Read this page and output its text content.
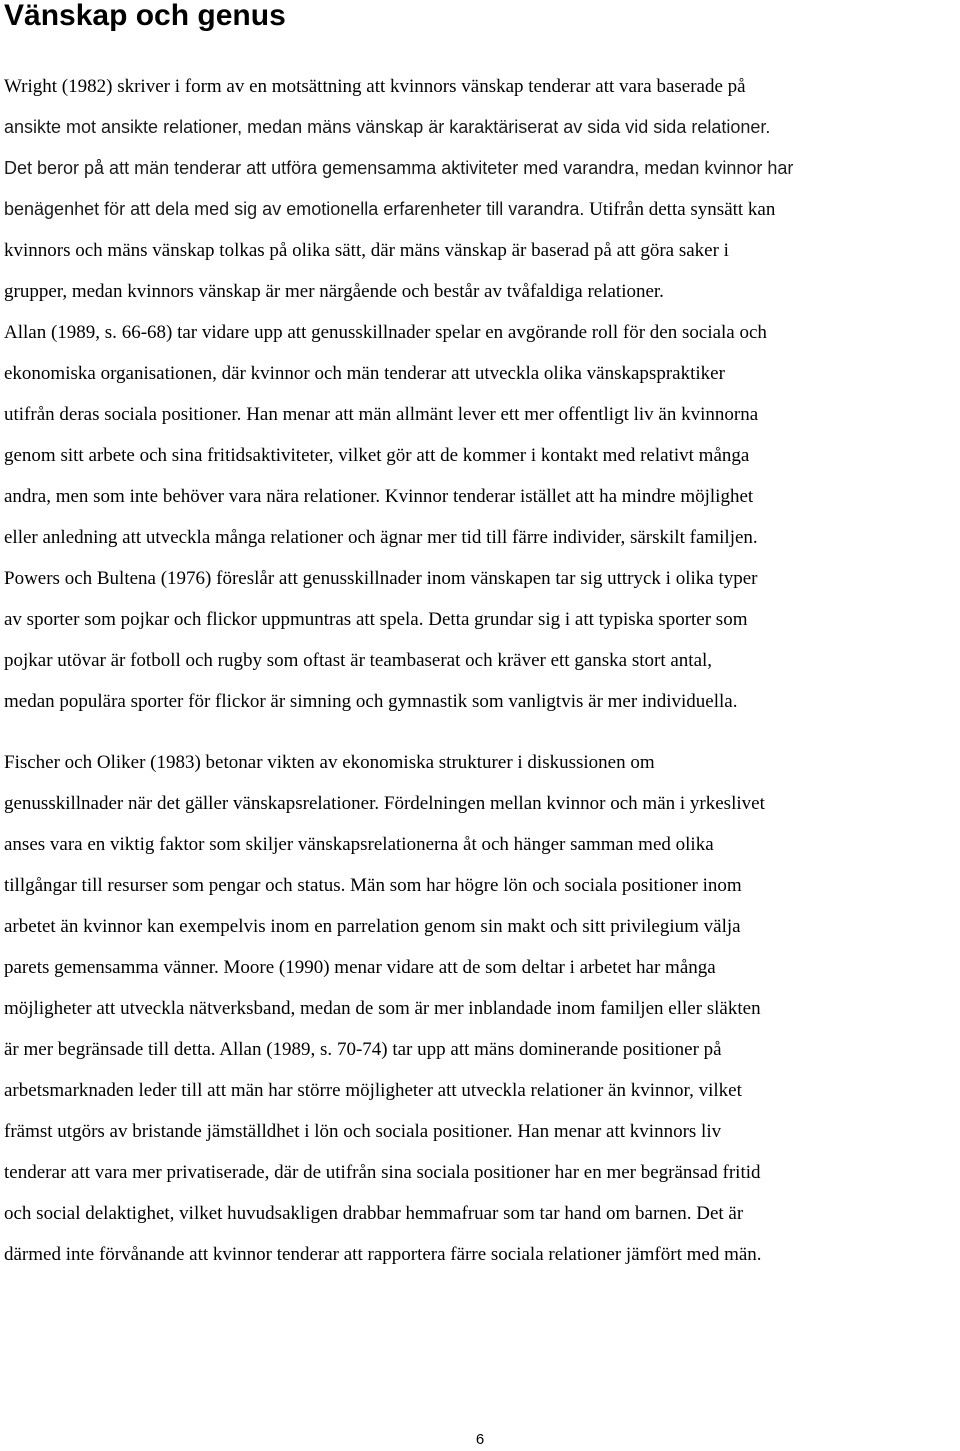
Vänskap och genus
Wright (1982) skriver i form av en motsättning att kvinnors vänskap tenderar att vara baserade på
ansikte mot ansikte relationer, medan mäns vänskap är karaktäriserat av sida vid sida relationer.
Det beror på att män tenderar att utföra gemensamma aktiviteter med varandra, medan kvinnor har
benägenhet för att dela med sig av emotionella erfarenheter till varandra. Utifrån detta synsätt kan
kvinnors och mäns vänskap tolkas på olika sätt, där mäns vänskap är baserad på att göra saker i
grupper, medan kvinnors vänskap är mer närgående och består av tvåfaldiga relationer.
Allan (1989, s. 66-68) tar vidare upp att genusskillnader spelar en avgörande roll för den sociala och
ekonomiska organisationen, där kvinnor och män tenderar att utveckla olika vänskapspraktiker
utifrån deras sociala positioner. Han menar att män allmänt lever ett mer offentligt liv än kvinnorna
genom sitt arbete och sina fritidsaktiviteter, vilket gör att de kommer i kontakt med relativt många
andra, men som inte behöver vara nära relationer. Kvinnor tenderar istället att ha mindre möjlighet
eller anledning att utveckla många relationer och ägnar mer tid till färre individer, särskilt familjen.
Powers och Bultena (1976) föreslår att genusskillnader inom vänskapen tar sig uttryck i olika typer
av sporter som pojkar och flickor uppmuntras att spela. Detta grundar sig i att typiska sporter som
pojkar utövar är fotboll och rugby som oftast är teambaserat och kräver ett ganska stort antal,
medan populära sporter för flickor är simning och gymnastik som vanligtvis är mer individuella.
Fischer och Oliker (1983) betonar vikten av ekonomiska strukturer i diskussionen om
genusskillnader när det gäller vänskapsrelationer. Fördelningen mellan kvinnor och män i yrkeslivet
anses vara en viktig faktor som skiljer vänskapsrelationerna åt och hänger samman med olika
tillgångar till resurser som pengar och status. Män som har högre lön och sociala positioner inom
arbetet än kvinnor kan exempelvis inom en parrelation genom sin makt och sitt privilegium välja
parets gemensamma vänner. Moore (1990) menar vidare att de som deltar i arbetet har många
möjligheter att utveckla nätverksband, medan de som är mer inblandade inom familjen eller släkten
är mer begränsade till detta. Allan (1989, s. 70-74) tar upp att mäns dominerande positioner på
arbetsmarknaden leder till att män har större möjligheter att utveckla relationer än kvinnor, vilket
främst utgörs av bristande jämställdhet i lön och sociala positioner. Han menar att kvinnors liv
tenderar att vara mer privatiserade, där de utifrån sina sociala positioner har en mer begränsad fritid
och social delaktighet, vilket huvudsakligen drabbar hemmafruar som tar hand om barnen. Det är
därmed inte förvånande att kvinnor tenderar att rapportera färre sociala relationer jämfört med män.

6
